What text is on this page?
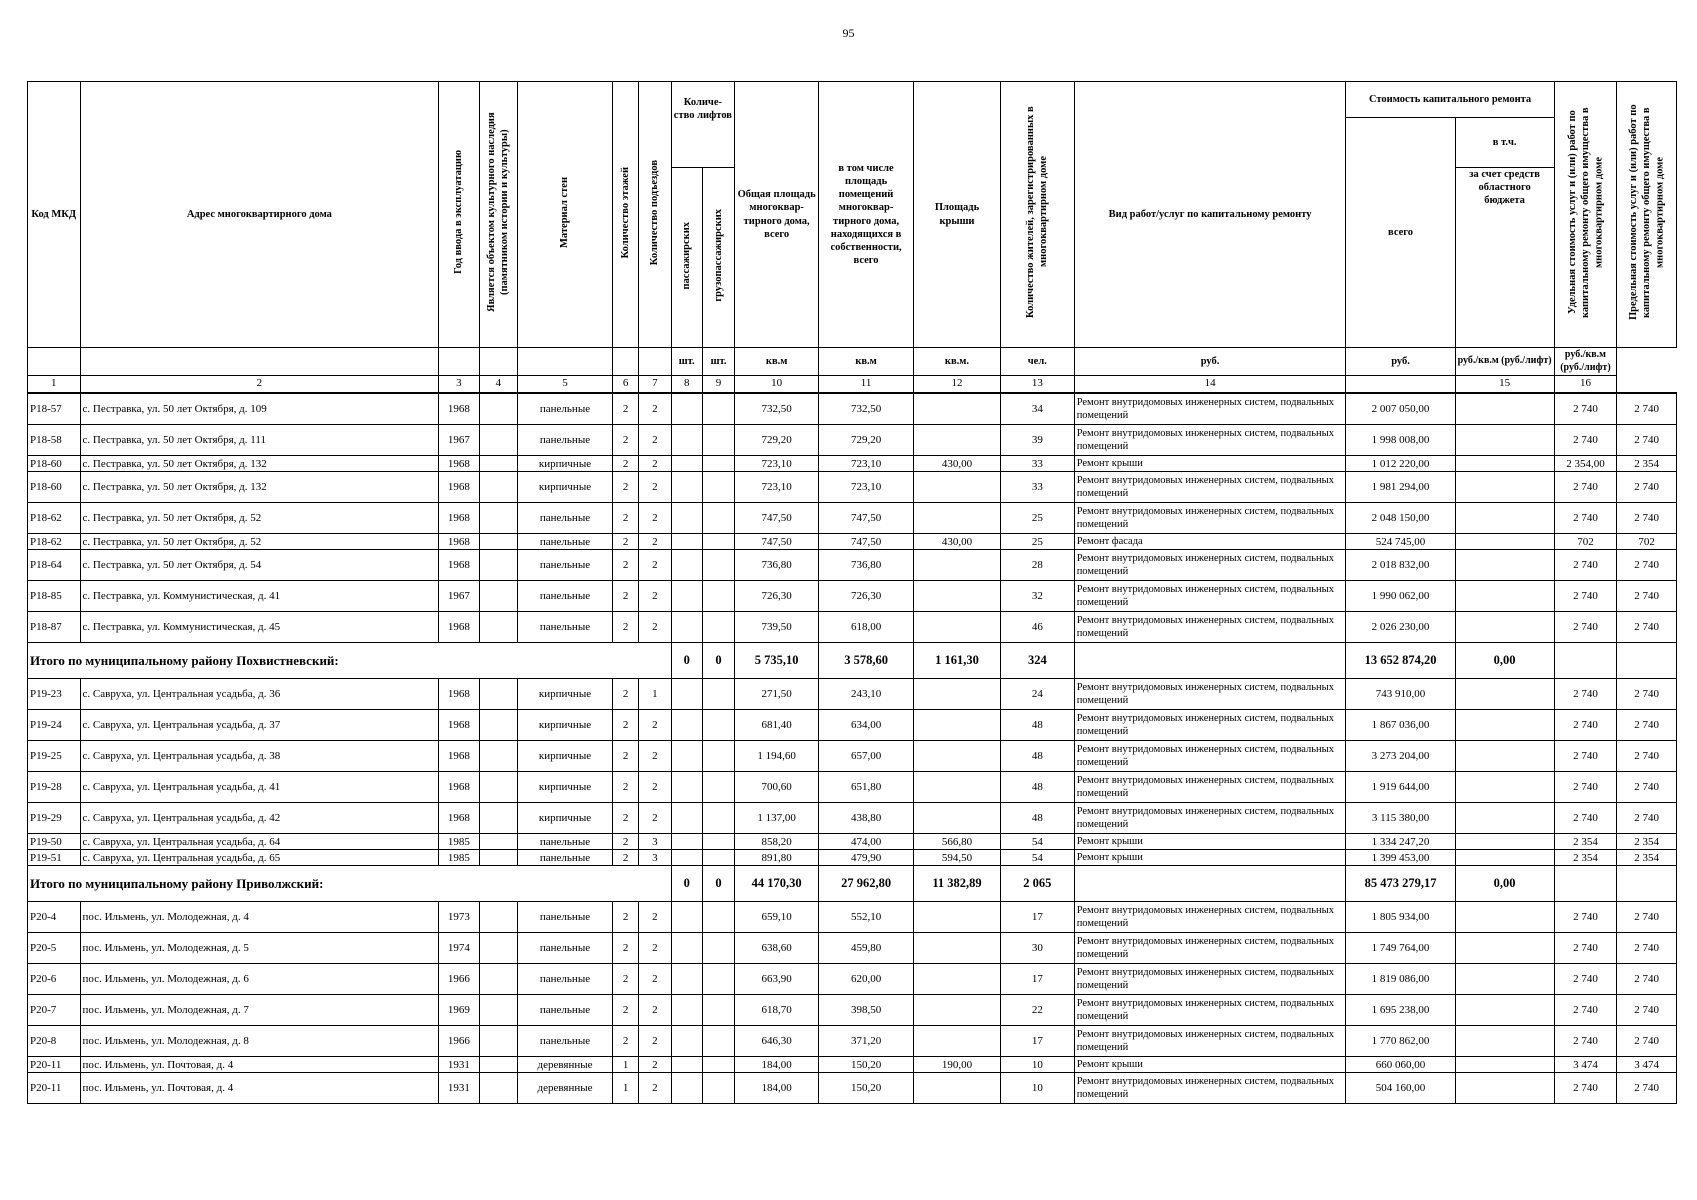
95
Код МКД	Адрес многоквартирного дома	Год ввода в эксплуатацию	Является объектом культурного наследия (памятником истории и культуры)	Материал стен	Количество этажей	Количество подъездов	Количе-ство лифтов		Общая площадь многоквар-тирного дома, всего	в том числе площадь помещений многоквар-тирного дома, находящихся в собственности, всего	Площадь крыши	Количество жителей, зарегистрированных в многоквартирном доме	Вид работ/услуг по капитальному ремонту	Стоимость капитального ремонта		Удельная стоимость услуг и (или) работ по капитальному ремонту общего имущества в многоквартирном доме	Предельная стоимость услуг и (или) работ по капитальному ремонту общего имущества в многоквартирном доме
														всего	в т.ч.		
							пассажирских	грузопассажирских							за счет средств областного бюджета		
							шт.	шт.	кв.м	кв.м	кв.м.	чел.	руб.	руб.	руб./кв.м (руб./лифт)	руб./кв.м (руб./лифт)	
1	2	3	4	5	6	7	8	9	10	11	12	13	14		15	16	
Р18-57	с. Пестравка, ул. 50 лет Октября, д. 109	1968		панельные	2	2			732,50	732,50		34	Ремонт внутридомовых инженерных систем, подвальных помещений	2 007 050,00		2 740	2 740
Р18-58	с. Пестравка, ул. 50 лет Октября, д. 111	1967		панельные	2	2			729,20	729,20		39	Ремонт внутридомовых инженерных систем, подвальных помещений	1 998 008,00		2 740	2 740
Р18-60	с. Пестравка, ул. 50 лет Октября, д. 132	1968		кирпичные	2	2			723,10	723,10	430,00	33	Ремонт крыши	1 012 220,00		2 354,00	2 354
Р18-60	с. Пестравка, ул. 50 лет Октября, д. 132	1968		кирпичные	2	2			723,10	723,10		33	Ремонт внутридомовых инженерных систем, подвальных помещений	1 981 294,00		2 740	2 740
Р18-62	с. Пестравка, ул. 50 лет Октября, д. 52	1968		панельные	2	2			747,50	747,50		25	Ремонт внутридомовых инженерных систем, подвальных помещений	2 048 150,00		2 740	2 740
Р18-62	с. Пестравка, ул. 50 лет Октября, д. 52	1968		панельные	2	2			747,50	747,50	430,00	25	Ремонт фасада	524 745,00		702	702
Р18-64	с. Пестравка, ул. 50 лет Октября, д. 54	1968		панельные	2	2			736,80	736,80		28	Ремонт внутридомовых инженерных систем, подвальных помещений	2 018 832,00		2 740	2 740
Р18-85	с. Пестравка, ул. Коммунистическая, д. 41	1967		панельные	2	2			726,30	726,30		32	Ремонт внутридомовых инженерных систем, подвальных помещений	1 990 062,00		2 740	2 740
Р18-87	с. Пестравка, ул. Коммунистическая, д. 45	1968		панельные	2	2			739,50	618,00		46	Ремонт внутридомовых инженерных систем, подвальных помещений	2 026 230,00		2 740	2 740
Итого по муниципальному району Похвистневский:							0	0	5 735,10	3 578,60	1 161,30	324		13 652 874,20	0,00		
Р19-23	с. Савруха, ул. Центральная усадьба, д. 36	1968		кирпичные	2	1			271,50	243,10		24	Ремонт внутридомовых инженерных систем, подвальных помещений	743 910,00		2 740	2 740
Р19-24	с. Савруха, ул. Центральная усадьба, д. 37	1968		кирпичные	2	2			681,40	634,00		48	Ремонт внутридомовых инженерных систем, подвальных помещений	1 867 036,00		2 740	2 740
Р19-25	с. Савруха, ул. Центральная усадьба, д. 38	1968		кирпичные	2	2			1 194,60	657,00		48	Ремонт внутридомовых инженерных систем, подвальных помещений	3 273 204,00		2 740	2 740
Р19-28	с. Савруха, ул. Центральная усадьба, д. 41	1968		кирпичные	2	2			700,60	651,80		48	Ремонт внутридомовых инженерных систем, подвальных помещений	1 919 644,00		2 740	2 740
Р19-29	с. Савруха, ул. Центральная усадьба, д. 42	1968		кирпичные	2	2			1 137,00	438,80		48	Ремонт внутридомовых инженерных систем, подвальных помещений	3 115 380,00		2 740	2 740
Р19-50	с. Савруха, ул. Центральная усадьба, д. 64	1985		панельные	2	3			858,20	474,00	566,80	54	Ремонт крыши	1 334 247,20		2 354	2 354
Р19-51	с. Савруха, ул. Центральная усадьба, д. 65	1985		панельные	2	3			891,80	479,90	594,50	54	Ремонт крыши	1 399 453,00		2 354	2 354
Итого по муниципальному району Приволжский:							0	0	44 170,30	27 962,80	11 382,89	2 065		85 473 279,17	0,00		
Р20-4	пос. Ильмень, ул. Молодежная, д. 4	1973		панельные	2	2			659,10	552,10		17	Ремонт внутридомовых инженерных систем, подвальных помещений	1 805 934,00		2 740	2 740
Р20-5	пос. Ильмень, ул. Молодежная, д. 5	1974		панельные	2	2			638,60	459,80		30	Ремонт внутридомовых инженерных систем, подвальных помещений	1 749 764,00		2 740	2 740
Р20-6	пос. Ильмень, ул. Молодежная, д. 6	1966		панельные	2	2			663,90	620,00		17	Ремонт внутридомовых инженерных систем, подвальных помещений	1 819 086,00		2 740	2 740
Р20-7	пос. Ильмень, ул. Молодежная, д. 7	1969		панельные	2	2			618,70	398,50		22	Ремонт внутридомовых инженерных систем, подвальных помещений	1 695 238,00		2 740	2 740
Р20-8	пос. Ильмень, ул. Молодежная, д. 8	1966		панельные	2	2			646,30	371,20		17	Ремонт внутридомовых инженерных систем, подвальных помещений	1 770 862,00		2 740	2 740
Р20-11	пос. Ильмень, ул. Почтовая, д. 4	1931		деревянные	1	2			184,00	150,20	190,00	10	Ремонт крыши	660 060,00		3 474	3 474
Р20-11	пос. Ильмень, ул. Почтовая, д. 4	1931		деревянные	1	2			184,00	150,20		10	Ремонт внутридомовых инженерных систем, подвальных помещений	504 160,00		2 740	2 740
